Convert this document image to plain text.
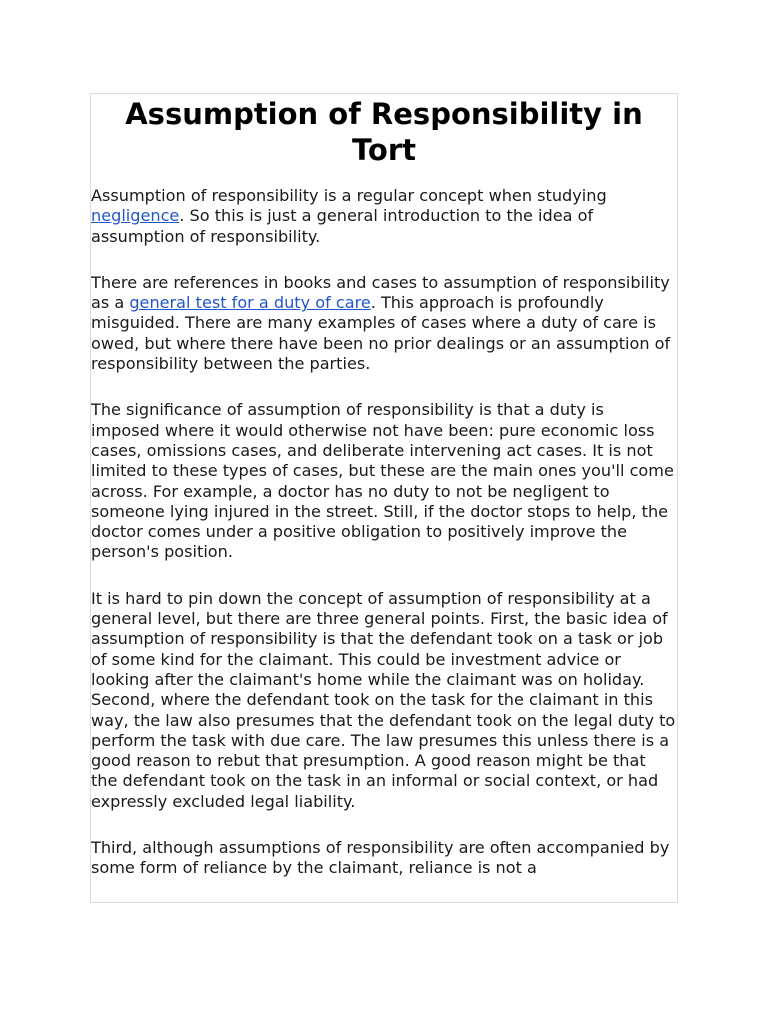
Assumption of Responsibility in Tort

Assumption of responsibility is a regular concept when studying negligence. So this is just a general introduction to the idea of assumption of responsibility.

There are references in books and cases to assumption of responsibility as a general test for a duty of care. This approach is profoundly misguided. There are many examples of cases where a duty of care is owed, but where there have been no prior dealings or an assumption of responsibility between the parties.

The significance of assumption of responsibility is that a duty is imposed where it would otherwise not have been: pure economic loss cases, omissions cases, and deliberate intervening act cases. It is not limited to these types of cases, but these are the main ones you'll come across. For example, a doctor has no duty to not be negligent to someone lying injured in the street. Still, if the doctor stops to help, the doctor comes under a positive obligation to positively improve the person's position.

It is hard to pin down the concept of assumption of responsibility at a general level, but there are three general points. First, the basic idea of assumption of responsibility is that the defendant took on a task or job of some kind for the claimant. This could be investment advice or looking after the claimant's home while the claimant was on holiday. Second, where the defendant took on the task for the claimant in this way, the law also presumes that the defendant took on the legal duty to perform the task with due care. The law presumes this unless there is a good reason to rebut that presumption. A good reason might be that the defendant took on the task in an informal or social context, or had expressly excluded legal liability.

Third, although assumptions of responsibility are often accompanied by some form of reliance by the claimant, reliance is not a
